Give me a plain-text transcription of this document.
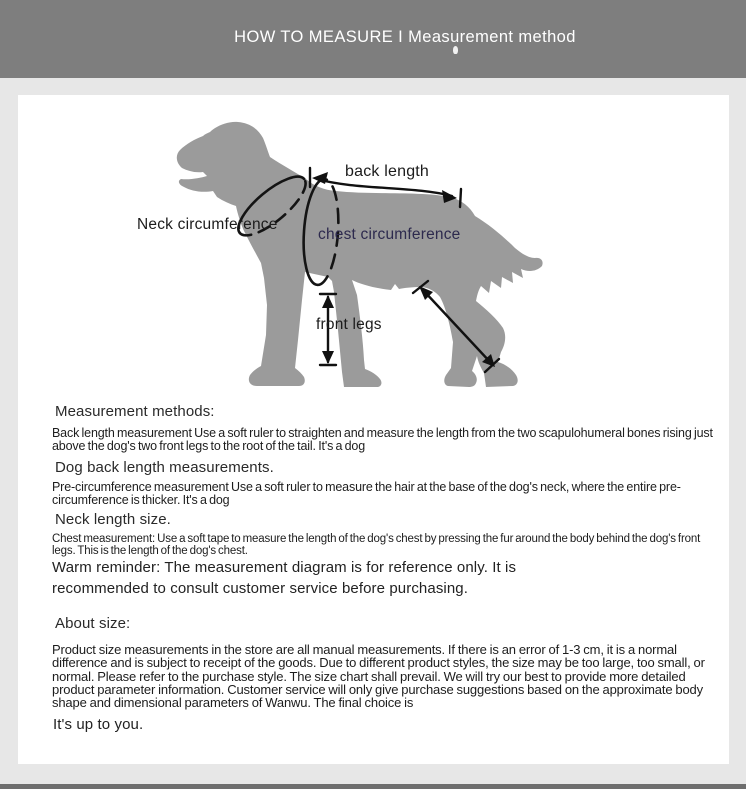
HOW TO MEASURE I Measurement method
back length
Neck circumference
chest circumference
front legs
Measurement methods:

Back length measurement Use a soft ruler to straighten and measure the length from the two scapulohumeral bones rising just above the dog's two front legs to the root of the tail. It's a dog

Dog back length measurements.

Pre-circumference measurement Use a soft ruler to measure the hair at the base of the dog's neck, where the entire pre-circumference is thicker. It's a dog

Neck length size.

Chest measurement: Use a soft tape to measure the length of the dog's chest by pressing the fur around the body behind the dog's front legs. This is the length of the dog's chest.

Warm reminder: The measurement diagram is for reference only. It is recommended to consult customer service before purchasing.
About size:

Product size measurements in the store are all manual measurements. If there is an error of 1-3 cm, it is a normal difference and is subject to receipt of the goods. Due to different product styles, the size may be too large, too small, or normal. Please refer to the purchase style. The size chart shall prevail. We will try our best to provide more detailed product parameter information. Customer service will only give purchase suggestions based on the approximate body shape and dimensional parameters of Wanwu. The final choice is

It's up to you.
